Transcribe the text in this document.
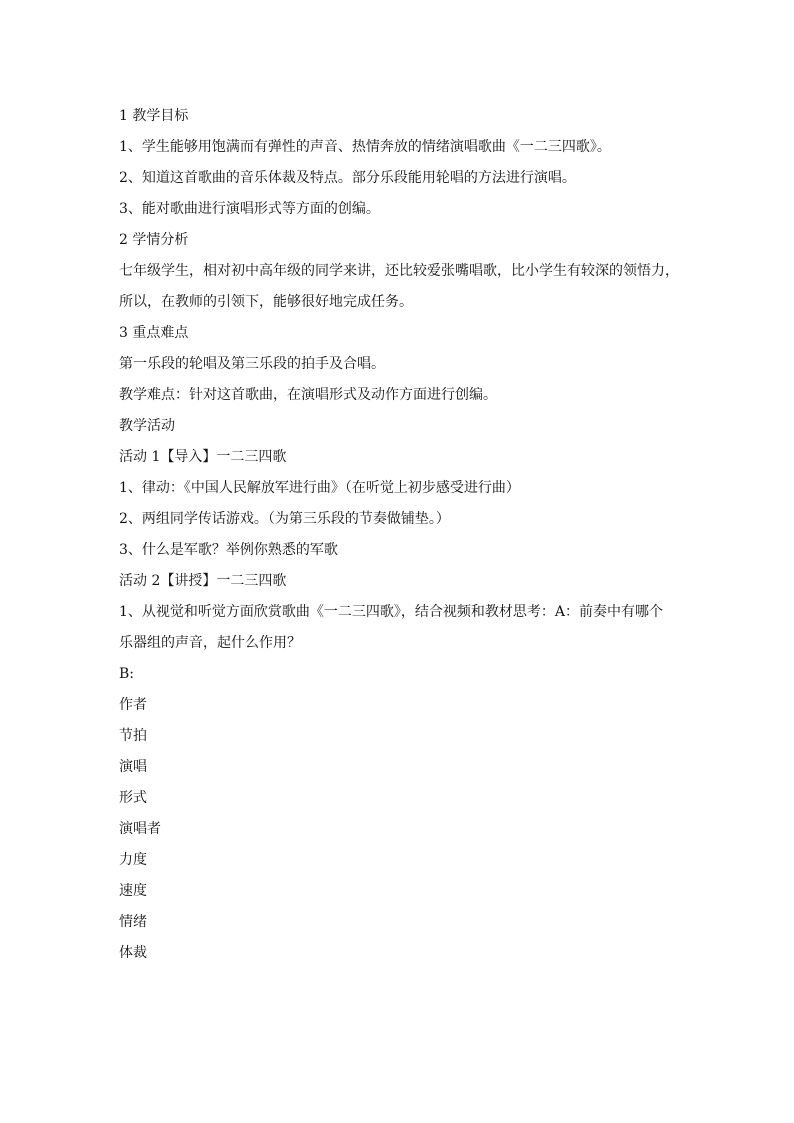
1 教学目标
1、学生能够用饱满而有弹性的声音、热情奔放的情绪演唱歌曲《一二三四歌》。
2、知道这首歌曲的音乐体裁及特点。部分乐段能用轮唱的方法进行演唱。
3、能对歌曲进行演唱形式等方面的创编。
2 学情分析
七年级学生，相对初中高年级的同学来讲，还比较爱张嘴唱歌，比小学生有较深的领悟力，
所以，在教师的引领下，能够很好地完成任务。
3 重点难点
第一乐段的轮唱及第三乐段的拍手及合唱。
教学难点：针对这首歌曲，在演唱形式及动作方面进行创编。
教学活动
活动 1【导入】一二三四歌
1、律动：《中国人民解放军进行曲》（在听觉上初步感受进行曲）
2、两组同学传话游戏。（为第三乐段的节奏做铺垫。）
3、什么是军歌？举例你熟悉的军歌
活动 2【讲授】一二三四歌
1、从视觉和听觉方面欣赏歌曲《一二三四歌》，结合视频和教材思考：A：前奏中有哪个
乐器组的声音，起什么作用？
B:
作者
节拍
演唱
形式
演唱者
力度
速度
情绪
体裁
